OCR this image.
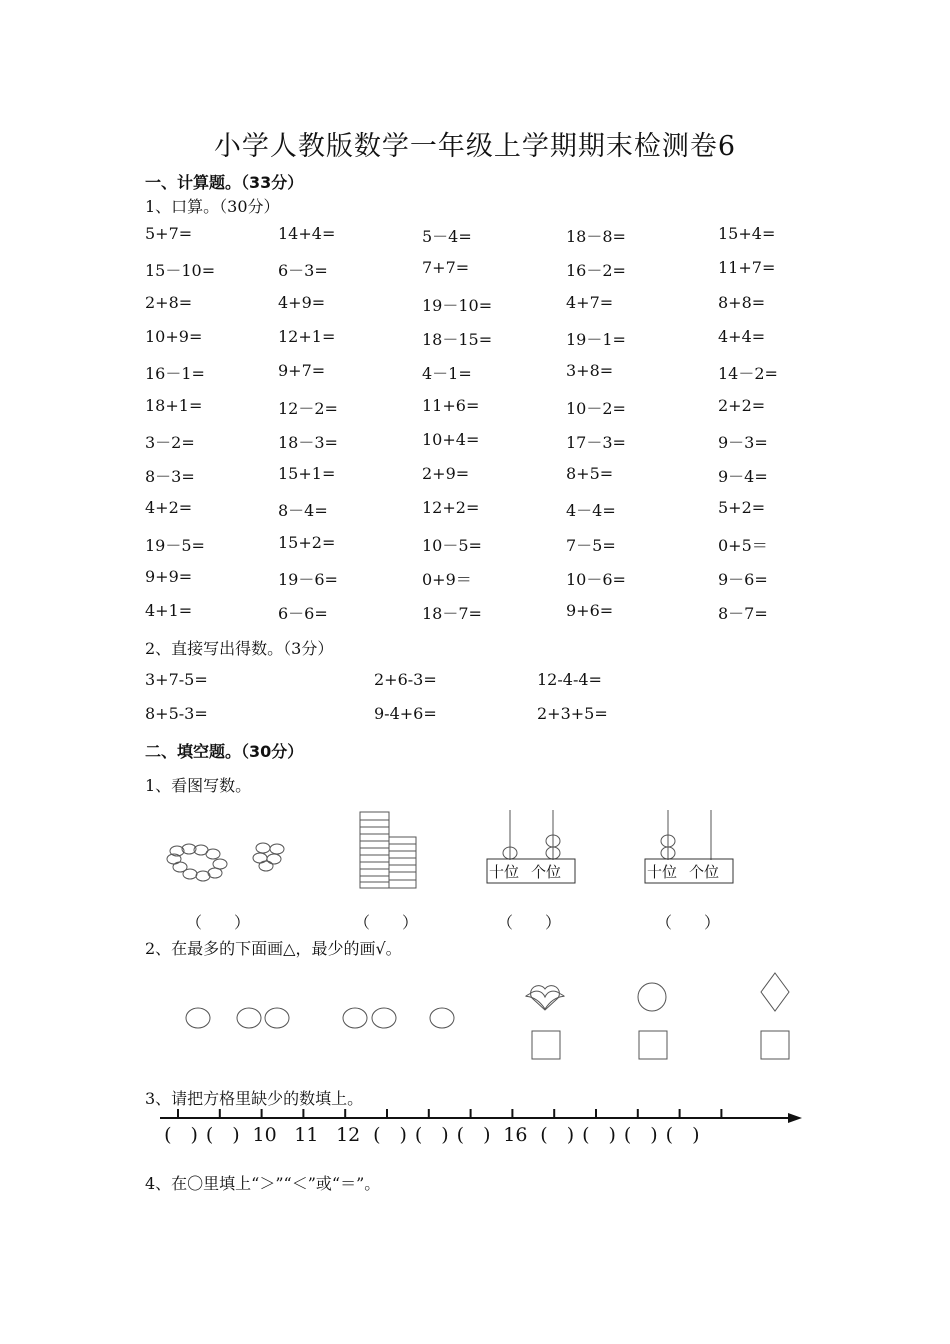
小学人教版数学一年级上学期期末检测卷6
一、计算题。（33分）
1、口算。（30分）
5+7=	14+4=	5－4=	18－8=	15+4=
15－10=	6－3=	7+7=	16－2=	11+7=
2+8=	4+9=	19－10=	4+7=	8+8=
10+9=	12+1=	18－15=	19－1=	4+4=
16－1=	9+7=	4－1=	3+8=	14－2=
18+1=	12－2=	11+6=	10－2=	2+2=
3－2=	18－3=	10+4=	17－3=	9－3=
8－3=	15+1=	2+9=	8+5=	9－4=
4+2=	8－4=	12+2=	4－4=	5+2=
19－5=	15+2=	10－5=	7－5=	0+5＝
9+9=	19－6=	0+9＝	10－6=	9－6=
4+1=	6－6=	18－7=	9+6=	8－7=
2、直接写出得数。（3分）
3+7-5=	2+6-3=	12-4-4=
8+5-3=	9-4+6=	2+3+5=
二、填空题。（30分）
1、看图写数。
十位 个位	十位 个位
（　　）	（　　）	（　　）	（　　）
2、在最多的下面画△，最少的画√。
3、请把方格里缺少的数填上。
(　) (　) 10 11 12 (　) (　) (　) 16 (　) (　) (　) (　)
4、在〇里填上“＞”“＜”或“＝”。
